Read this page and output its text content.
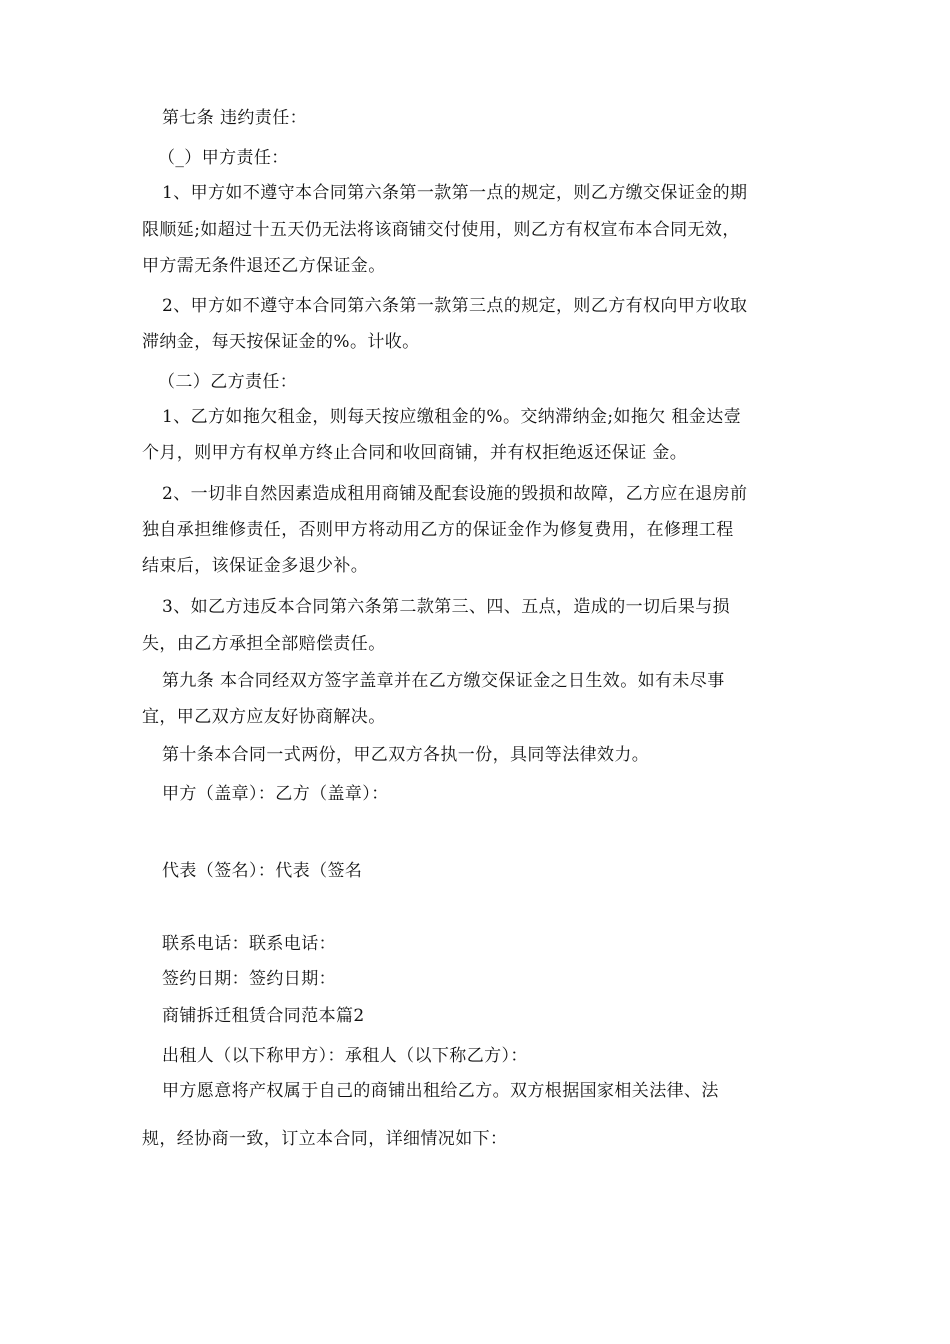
第七条 违约责任：
（_）甲方责任：
1、甲方如不遵守本合同第六条第一款第一点的规定，则乙方缴交保证金的期
限顺延;如超过十五天仍无法将该商铺交付使用，则乙方有权宣布本合同无效，
甲方需无条件退还乙方保证金。
2、甲方如不遵守本合同第六条第一款第三点的规定，则乙方有权向甲方收取
滞纳金，每天按保证金的%。计收。
（二）乙方责任：
1、乙方如拖欠租金，则每天按应缴租金的%。交纳滞纳金;如拖欠 租金达壹
个月，则甲方有权单方终止合同和收回商铺，并有权拒绝返还保证 金。
2、一切非自然因素造成租用商铺及配套设施的毁损和故障，乙方应在退房前
独自承担维修责任，否则甲方将动用乙方的保证金作为修复费用，在修理工程
结束后，该保证金多退少补。
3、如乙方违反本合同第六条第二款第三、四、五点，造成的一切后果与损
失，由乙方承担全部赔偿责任。
第九条 本合同经双方签字盖章并在乙方缴交保证金之日生效。如有未尽事
宜，甲乙双方应友好协商解决。
第十条本合同一式两份，甲乙双方各执一份，具同等法律效力。
甲方（盖章）：乙方（盖章）：
代表（签名）：代表（签名
联系电话：联系电话：
签约日期：签约日期：
商铺拆迁租赁合同范本篇2
出租人（以下称甲方）：承租人（以下称乙方）：
甲方愿意将产权属于自己的商铺出租给乙方。双方根据国家相关法律、法
规，经协商一致，订立本合同，详细情况如下：
